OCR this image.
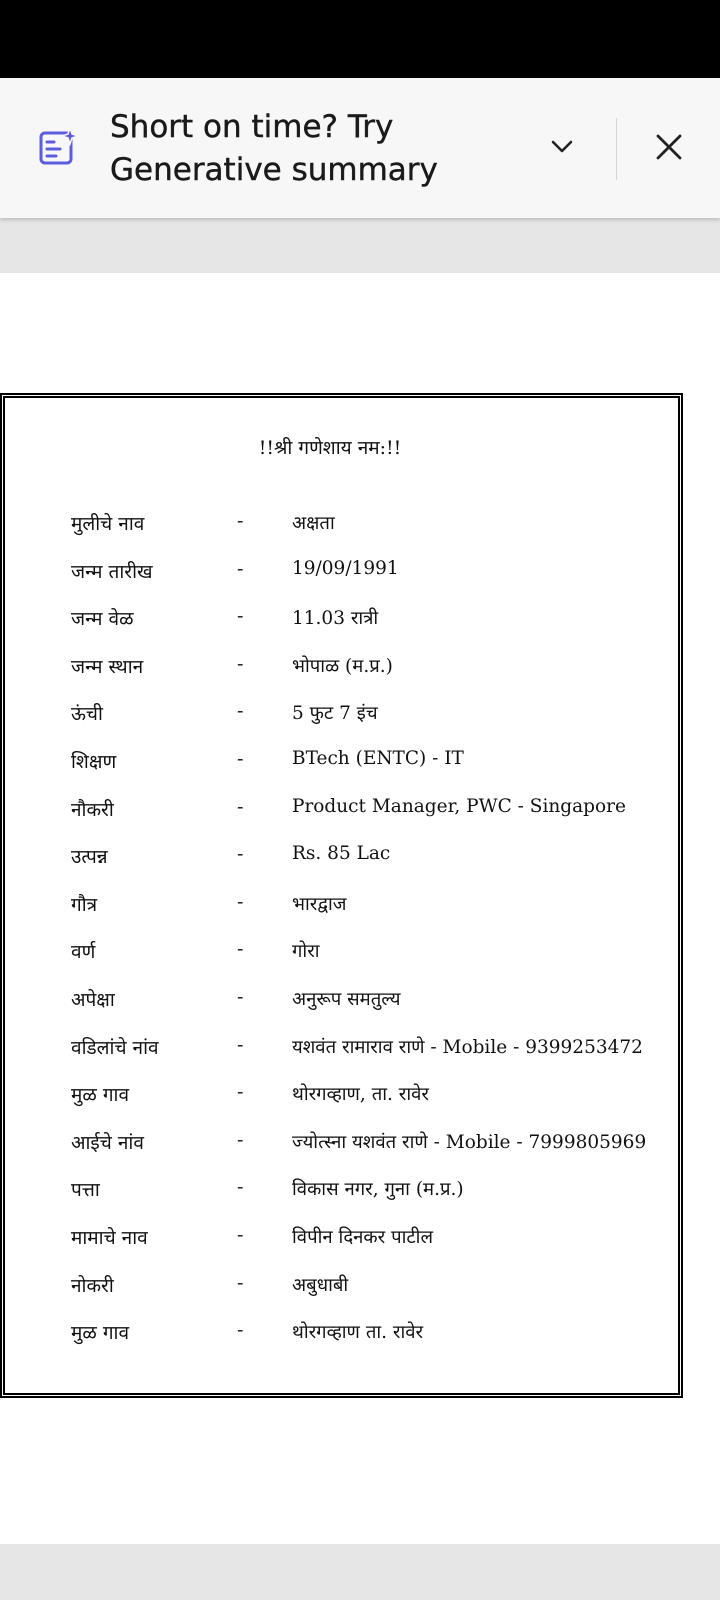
Short on time? Try Generative summary
!!श्री गणेशाय नम:!!
मुलीचे नाव	-	अक्षता
जन्म तारीख	-	19/09/1991
जन्म वेळ	-	11.03 रात्री
जन्म स्थान	-	भोपाळ (म.प्र.)
ऊंची	-	5 फुट 7 इंच
शिक्षण	-	BTech (ENTC) - IT
नौकरी	-	Product Manager, PWC - Singapore
उत्पन्न	-	Rs. 85 Lac
गौत्र	-	भारद्वाज
वर्ण	-	गोरा
अपेक्षा	-	अनुरूप समतुल्य
वडिलांचे नांव	-	यशवंत रामाराव राणे - Mobile - 9399253472
मुळ गाव	-	थोरगव्हाण, ता. रावेर
आईचे नांव	-	ज्योत्स्ना यशवंत राणे - Mobile - 7999805969
पत्ता	-	विकास नगर, गुना (म.प्र.)
मामाचे नाव	-	विपीन दिनकर पाटील
नोकरी	-	अबुधाबी
मुळ गाव	-	थोरगव्हाण ता. रावेर
